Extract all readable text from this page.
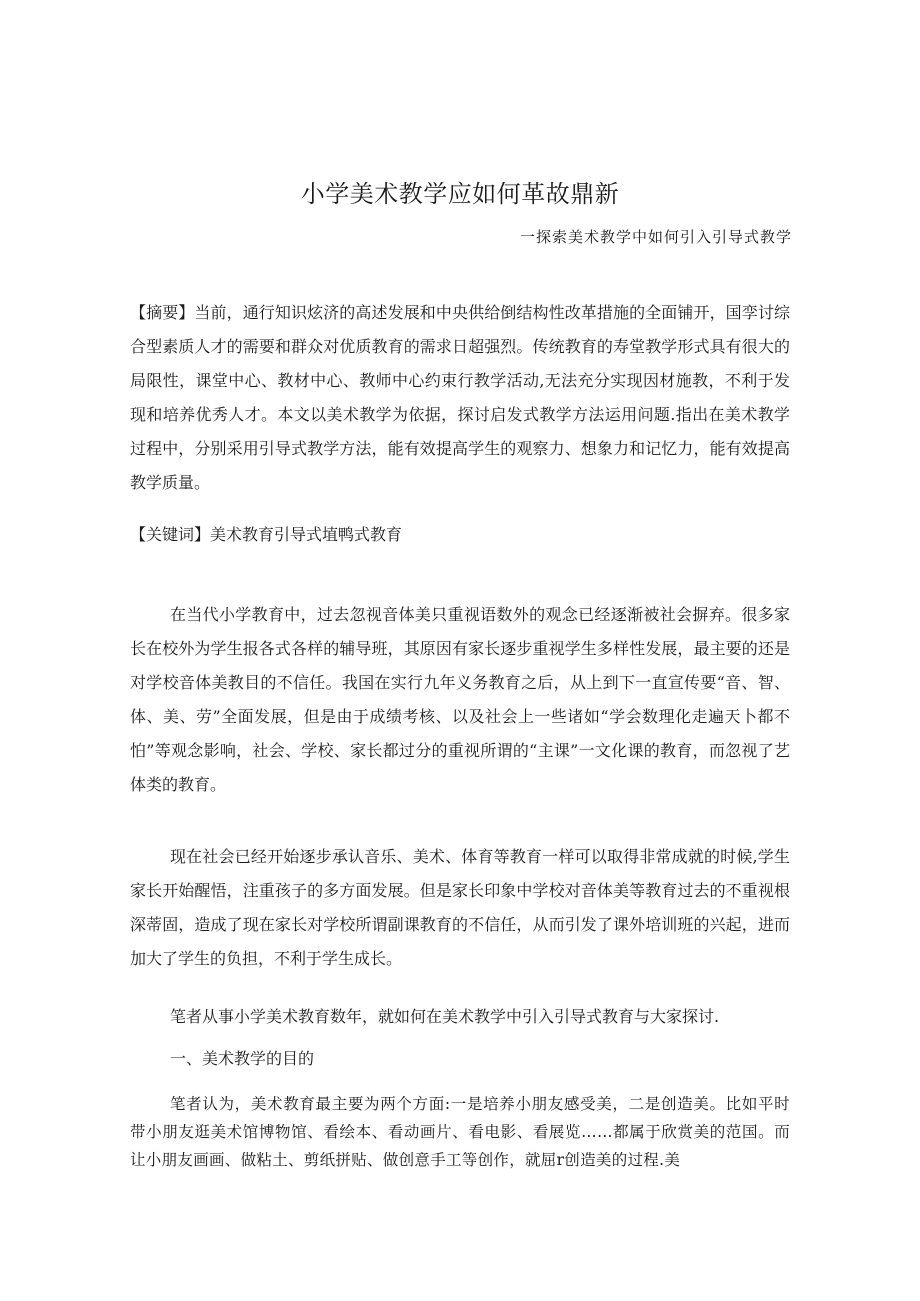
小学美术教学应如何革故鼎新

一探索美术教学中如何引入引导式教学

【摘要】当前，通行知识炫济的高述发展和中央供给倒结构性改革措施的全面铺开，国孪讨综合型素质人才的需要和群众对优质教育的需求日超强烈。传统教育的寿堂教学形式具有很大的局限性，课堂中心、教材中心、教师中心约束行教学活动,无法充分实现因材施教，不利于发现和培养优秀人才。本文以美术教学为依据，探讨启发式教学方法运用问题.指出在美术教学过程中，分别采用引导式教学方法，能有效提高学生的观察力、想象力和记忆力，能有效提高教学质量。

【关键词】美术教育引导式埴鸭式教育

在当代小学教育中，过去忽视音体美只重视语数外的观念已经逐渐被社会摒弃。很多家长在校外为学生报各式各样的辅导班，其原因有家长逐步重视学生多样性发展，最主要的还是对学校音体美教目的不信任。我国在实行九年义务教育之后，从上到下一直宣传要“音、智、体、美、劳”全面发展，但是由于成绩考核、以及社会上一些诸如“学会数理化走遍天卜都不怕”等观念影响，社会、学校、家长都过分的重视所谓的“主课”一文化课的教育，而忽视了艺体类的教育。

现在社会已经开始逐步承认音乐、美术、体育等教育一样可以取得非常成就的时候,学生家长开始醒悟，注重孩子的多方面发展。但是家长印象中学校对音体美等教育过去的不重视根深蒂固，造成了现在家长对学校所谓副课教育的不信任，从而引发了课外培训班的兴起，进而加大了学生的负担，不利于学生成长。

笔者从事小学美术教育数年，就如何在美术教学中引入引导式教育与大家探讨.

一、美术教学的目的

笔者认为，美术教育最主要为两个方面:一是培养小朋友感受美，二是创造美。比如平时带小朋友逛美术馆博物馆、看绘本、看动画片、看电影、看展览……都属于欣赏美的范国。而让小朋友画画、做粘土、剪纸拼贴、做创意手工等创作，就屈r创造美的过程.美
